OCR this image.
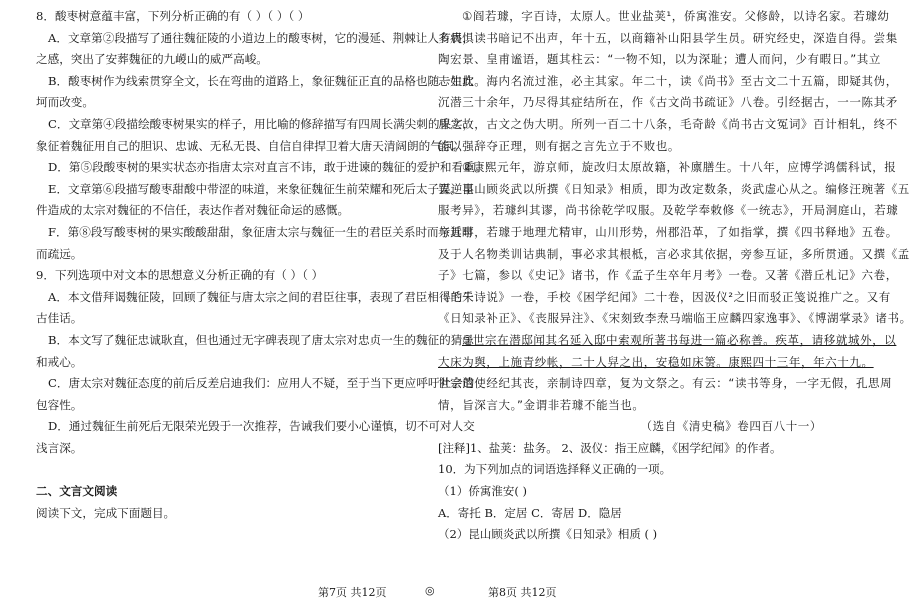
8．酸枣树意蕴丰富，下列分析正确的有（ ）（ ）（ ）
A．文章第②段描写了通往魏征陵的小道边上的酸枣树，它的漫延、荆棘让人有畏惧
之感，突出了安葬魏征的九嵕山的威严高峻。
B．酸枣树作为线索贯穿全文，长在弯曲的道路上，象征魏征正直的品格也随一生坎
坷而改变。
C．文章第④段描绘酸枣树果实的样子，用比喻的修辞描写有四周长满尖刺的果实，
象征着魏征用自己的胆识、忠诚、无私无畏、自信自律捍卫着大唐天清阔朗的气氛。
D．第⑤段酸枣树的果实状态亦指唐太宗对直言不讳，敢于进谏的魏征的爱护和看重。
E．文章第⑥段描写酸枣甜酸中带涩的味道，来象征魏征生前荣耀和死后太子谋逆事
件造成的太宗对魏征的不信任，表达作者对魏征命运的感慨。
F．第⑧段写酸枣树的果实酸酸甜甜，象征唐太宗与魏征一生的君臣关系时而亲近时
而疏远。
9．下列选项中对文本的思想意义分析正确的有（ ）（ ）
A．本文借拜谒魏征陵，回顾了魏征与唐太宗之间的君臣往事，表现了君臣相得的千
古佳话。
B．本文写了魏征忠诚耿直，但也通过无字碑表现了唐太宗对忠贞一生的魏征的猜忌
和戒心。
C．唐太宗对魏征态度的前后反差启迪我们：应用人不疑，至于当下更应呼吁社会的
包容性。
D．通过魏征生前死后无限荣光毁于一次推荐，告诫我们要小心谨慎，切不可对人交
浅言深。
二、文言文阅读
阅读下文，完成下面题目。
①阎若璩，字百诗，太原人。世业盐荚¹，侨寓淮安。父修龄，以诗名家。若璩幼
多病，读书暗记不出声，年十五，以商籍补山阳县学生员。研究经史，深造自得。尝集
陶宏景、皇甫谧语，题其柱云：“一物不知，以为深耻；遭人而问，少有暇日。”其立
志如此。海内名流过淮，必主其家。年二十，读《尚书》至古文二十五篇，即疑其伪，
沉潜三十余年，乃尽得其症结所在，作《古文尚书疏证》八卷。引经据古，一一陈其矛
盾之故，古文之伪大明。所列一百二十八条，毛奇龄《尚书古文冤词》百计相轧，终不
能以强辞夺正理，则有据之言先立于不败也。
②康熙元年，游京师，旋改归太原故籍，补廪膳生。十八年，应博学鸿儒科试，报
罢。昆山顾炎武以所撰《日知录》相质，即为改定数条，炎武虚心从之。编修汪琬著《五
服考异》，若璩纠其谬，尚书徐乾学叹服。及乾学奉敕修《一统志》，开局洞庭山，若璩
与其事，若璩于地理尤精审，山川形势，州郡沿革，了如指掌，撰《四书释地》五卷。
及于人名物类训诂典制，事必求其根柢，言必求其依据，旁参互证，多所贯通。又撰《孟
子》七篇，参以《史记》诸书，作《孟子生卒年月考》一卷。又著《潜丘札记》六卷，
《毛朱诗说》一卷，手校《困学纪闻》二十卷，因汲仪²之旧而驳正笺说推广之。又有
《日知录补正》、《丧服异注》、《宋刻致李焘马端临王应麟四家逸事》、《博湖掌录》诸书。
③世宗在潜邸闻其名延入邸中索观所著书每进一篇必称善。疾革，请移就城外，以
大床为舆，上施青纱帐，二十人舁之出，安稳如床箦。康熙四十三年，年六十九。
世宗遣使经纪其丧，亲制诗四章，复为文祭之。有云：“读书等身，一字无假，孔思周
情，旨深言大。”金谓非若璩不能当也。
（选自《清史稿》卷四百八十一）
[注释]1、盐荚：盐务。 2、汲仪：指王应麟，《困学纪闻》的作者。
10．为下列加点的词语选择释义正确的一项。
（1）侨寓淮安( )
A．寄托 B．定居 C．寄居 D．隐居
（2）昆山顾炎武以所撰《日知录》相质 ( )
第7页 共12页	◎	第8页 共12页
